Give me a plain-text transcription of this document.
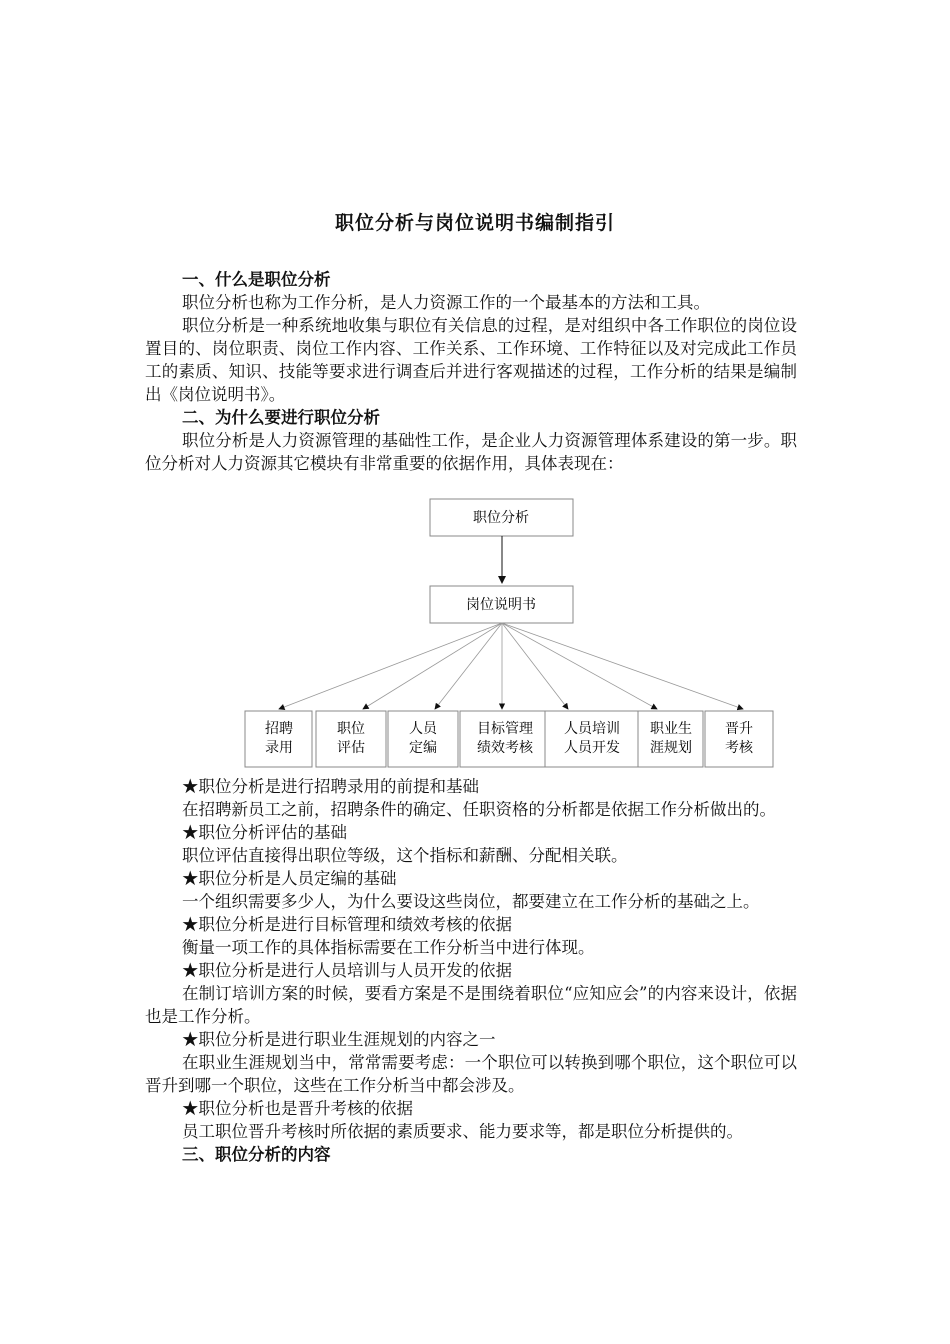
职位分析与岗位说明书编制指引

一、什么是职位分析

职位分析也称为工作分析，是人力资源工作的一个最基本的方法和工具。

职位分析是一种系统地收集与职位有关信息的过程，是对组织中各工作职位的岗位设置目的、岗位职责、岗位工作内容、工作关系、工作环境、工作特征以及对完成此工作员工的素质、知识、技能等要求进行调查后并进行客观描述的过程，工作分析的结果是编制出《岗位说明书》。

二、为什么要进行职位分析

职位分析是人力资源管理的基础性工作，是企业人力资源管理体系建设的第一步。职位分析对人力资源其它模块有非常重要的依据作用，具体表现在：

职位分析
岗位说明书
招聘
录用
职位
评估
人员
定编
目标管理
绩效考核
人员培训
人员开发
职业生
涯规划
晋升
考核

★职位分析是进行招聘录用的前提和基础

在招聘新员工之前，招聘条件的确定、任职资格的分析都是依据工作分析做出的。

★职位分析评估的基础

职位评估直接得出职位等级，这个指标和薪酬、分配相关联。

★职位分析是人员定编的基础

一个组织需要多少人，为什么要设这些岗位，都要建立在工作分析的基础之上。

★职位分析是进行目标管理和绩效考核的依据

衡量一项工作的具体指标需要在工作分析当中进行体现。

★职位分析是进行人员培训与人员开发的依据

在制订培训方案的时候，要看方案是不是围绕着职位“应知应会”的内容来设计，依据也是工作分析。

★职位分析是进行职业生涯规划的内容之一

在职业生涯规划当中，常常需要考虑：一个职位可以转换到哪个职位，这个职位可以晋升到哪一个职位，这些在工作分析当中都会涉及。

★职位分析也是晋升考核的依据

员工职位晋升考核时所依据的素质要求、能力要求等，都是职位分析提供的。

三、职位分析的内容
